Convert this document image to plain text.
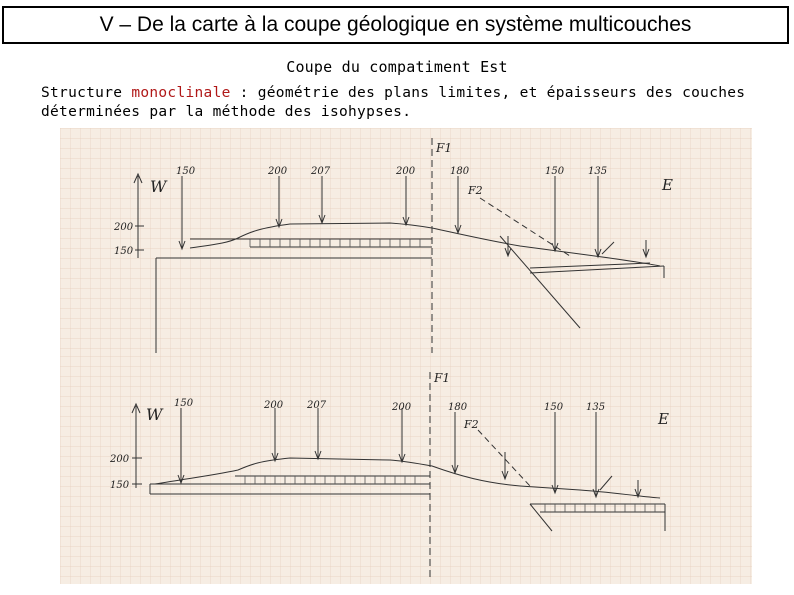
V – De la carte à la coupe géologique en système multicouches
Coupe du compatiment Est
Structure monoclinale : géométrie des plans limites, et épaisseurs des couches déterminées par la méthode des isohypses.
W	E
F1
F2
200
150
150	200 207	200	180	150 135
W	E
F1
F2
200
150
150	200 207	200	180	150 135
